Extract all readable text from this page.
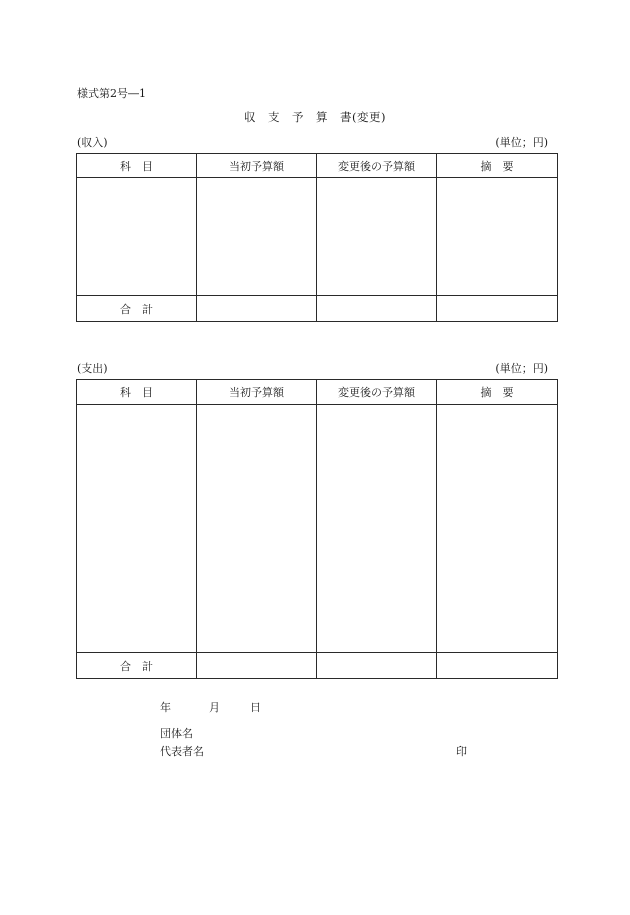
様式第2号―1
収　支　予　算　書(変更)
(収入)	(単位；円)
科　目	当初予算額	変更後の予算額	摘　要

合　計			
(支出)	(単位；円)
科　目	当初予算額	変更後の予算額	摘　要

合　計			
年	月	日
団体名
代表者名	印
